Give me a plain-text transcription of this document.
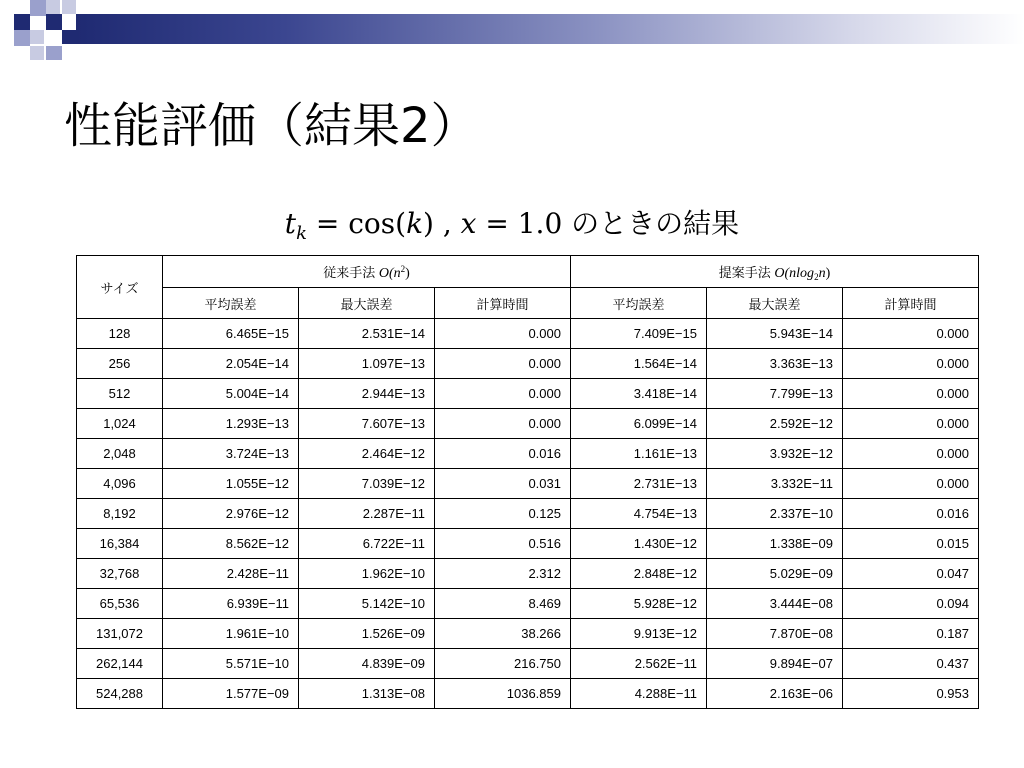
性能評価（結果2）
$t_k = \cos(k)$ , x = 1.0 のときの結果
サイズ	従来手法 $O(n^2)$			提案手法 O(nlog$_2$n)		
	平均誤差	最大誤差	計算時間	平均誤差	最大誤差	計算時間
128	6.465E−15	2.531E−14	0.000	7.409E−15	5.943E−14	0.000
256	2.054E−14	1.097E−13	0.000	1.564E−14	3.363E−13	0.000
512	5.004E−14	2.944E−13	0.000	3.418E−14	7.799E−13	0.000
1,024	1.293E−13	7.607E−13	0.000	6.099E−14	2.592E−12	0.000
2,048	3.724E−13	2.464E−12	0.016	1.161E−13	3.932E−12	0.000
4,096	1.055E−12	7.039E−12	0.031	2.731E−13	3.332E−11	0.000
8,192	2.976E−12	2.287E−11	0.125	4.754E−13	2.337E−10	0.016
16,384	8.562E−12	6.722E−11	0.516	1.430E−12	1.338E−09	0.015
32,768	2.428E−11	1.962E−10	2.312	2.848E−12	5.029E−09	0.047
65,536	6.939E−11	5.142E−10	8.469	5.928E−12	3.444E−08	0.094
131,072	1.961E−10	1.526E−09	38.266	9.913E−12	7.870E−08	0.187
262,144	5.571E−10	4.839E−09	216.750	2.562E−11	9.894E−07	0.437
524,288	1.577E−09	1.313E−08	1036.859	4.288E−11	2.163E−06	0.953
